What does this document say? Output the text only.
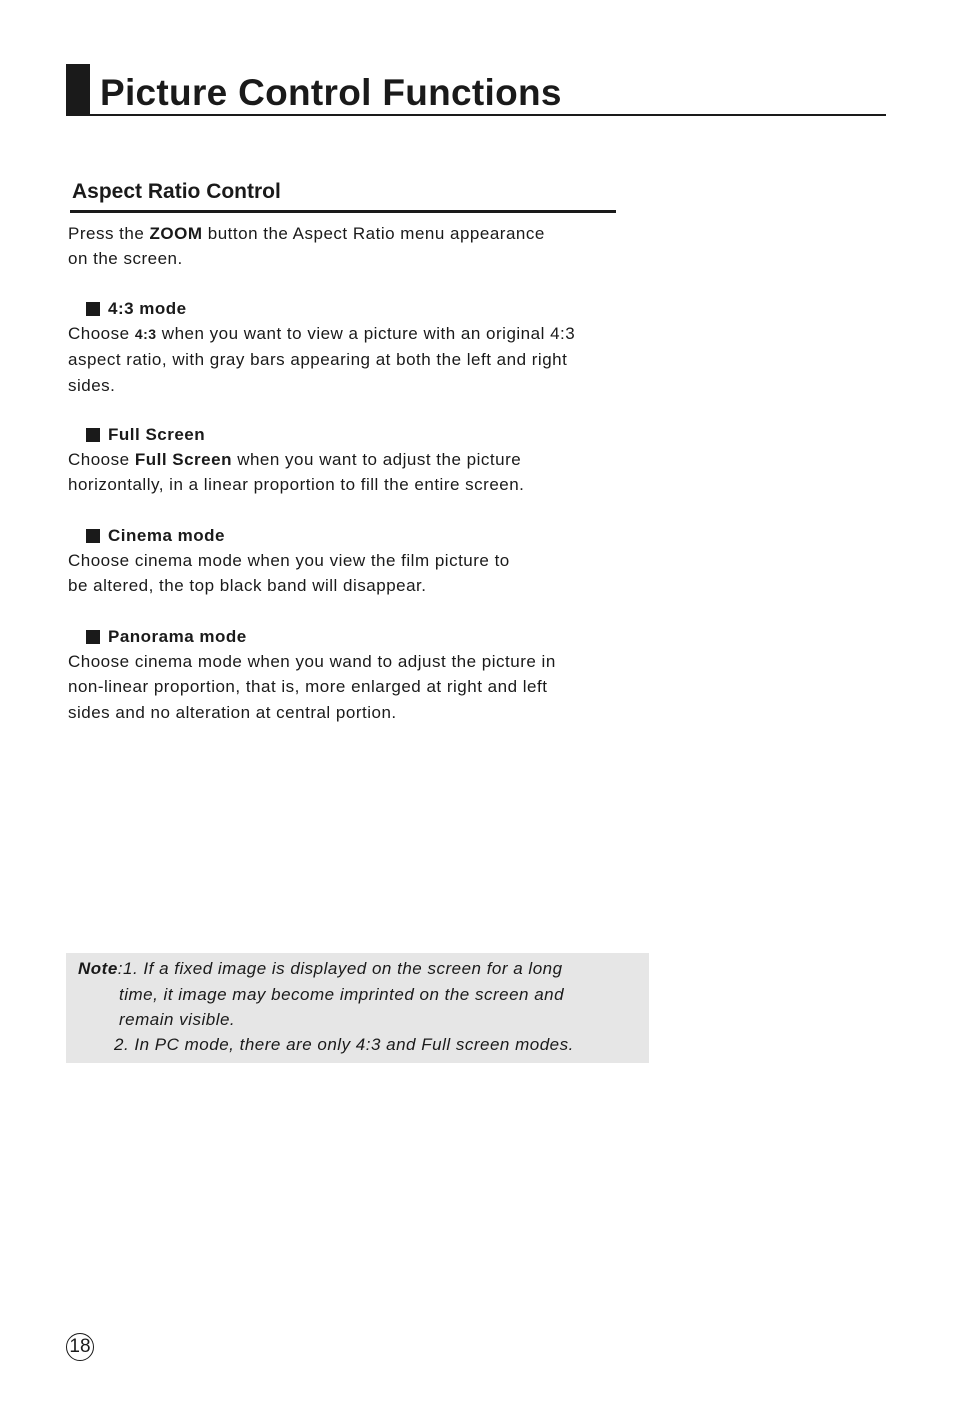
Picture Control Functions
Aspect Ratio Control

Press the ZOOM button the Aspect Ratio menu appearance
on the screen.

4:3 mode

Choose 4:3 when you want to view a picture with an original 4:3
aspect ratio, with gray bars appearing at both the left and right
sides.

Full Screen

Choose Full Screen when you want to adjust the picture
horizontally, in a linear proportion to fill the entire screen.

Cinema mode

Choose cinema mode when you view the film picture to
be altered, the top black band will disappear.

Panorama mode

Choose cinema mode when you wand to adjust the picture in
non-linear proportion, that is, more enlarged at right and left
sides and no alteration at central portion.

Note:1. If a fixed image is displayed on the screen for a long

time, it image may become imprinted on the screen and

remain visible.

2. In PC mode, there are only 4:3 and Full screen modes.

18
